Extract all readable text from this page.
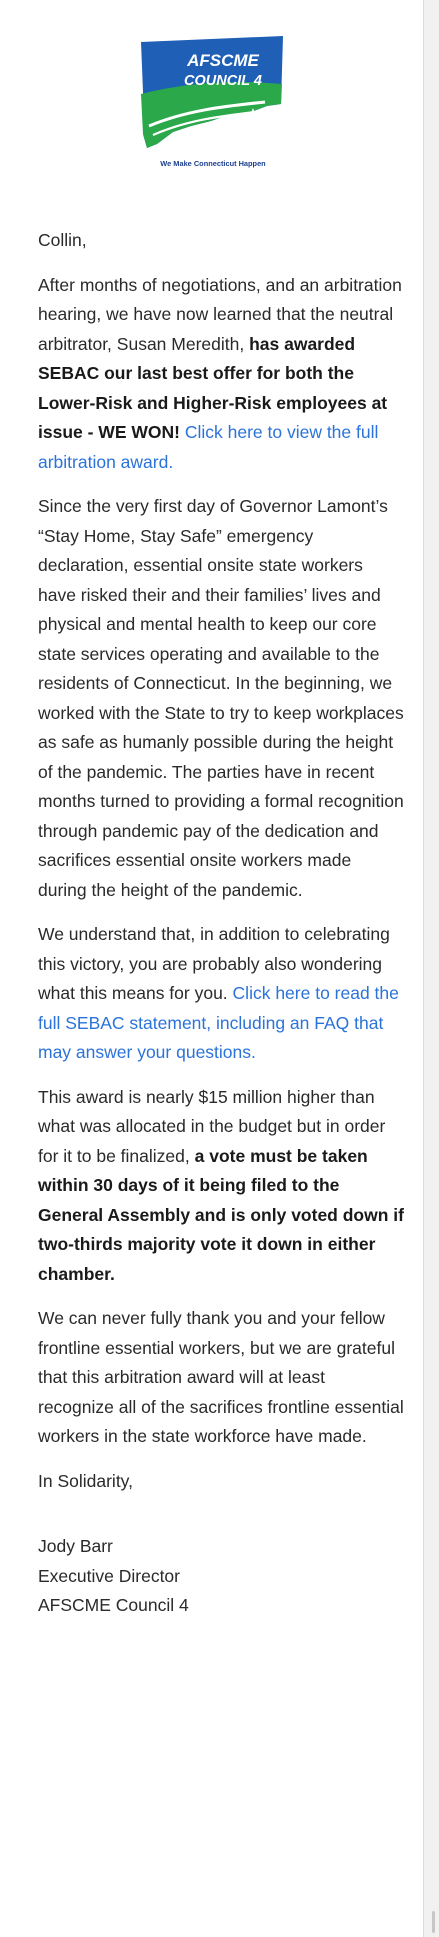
AFSCME
COUNCIL 4
We Make Connecticut Happen

Collin,

After months of negotiations, and an arbitration hearing, we have now learned that the neutral arbitrator, Susan Meredith, has awarded SEBAC our last best offer for both the Lower-Risk and Higher-Risk employees at issue - WE WON! Click here to view the full arbitration award.

Since the very first day of Governor Lamont’s “Stay Home, Stay Safe” emergency declaration, essential onsite state workers have risked their and their families’ lives and physical and mental health to keep our core state services operating and available to the residents of Connecticut. In the beginning, we worked with the State to try to keep workplaces as safe as humanly possible during the height of the pandemic. The parties have in recent months turned to providing a formal recognition through pandemic pay of the dedication and sacrifices essential onsite workers made during the height of the pandemic.

We understand that, in addition to celebrating this victory, you are probably also wondering what this means for you. Click here to read the full SEBAC statement, including an FAQ that may answer your questions.

This award is nearly $15 million higher than what was allocated in the budget but in order for it to be finalized, a vote must be taken within 30 days of it being filed to the General Assembly and is only voted down if two-thirds majority vote it down in either chamber.

We can never fully thank you and your fellow frontline essential workers, but we are grateful that this arbitration award will at least recognize all of the sacrifices frontline essential workers in the state workforce have made.

In Solidarity,

Jody Barr

Executive Director

AFSCME Council 4
